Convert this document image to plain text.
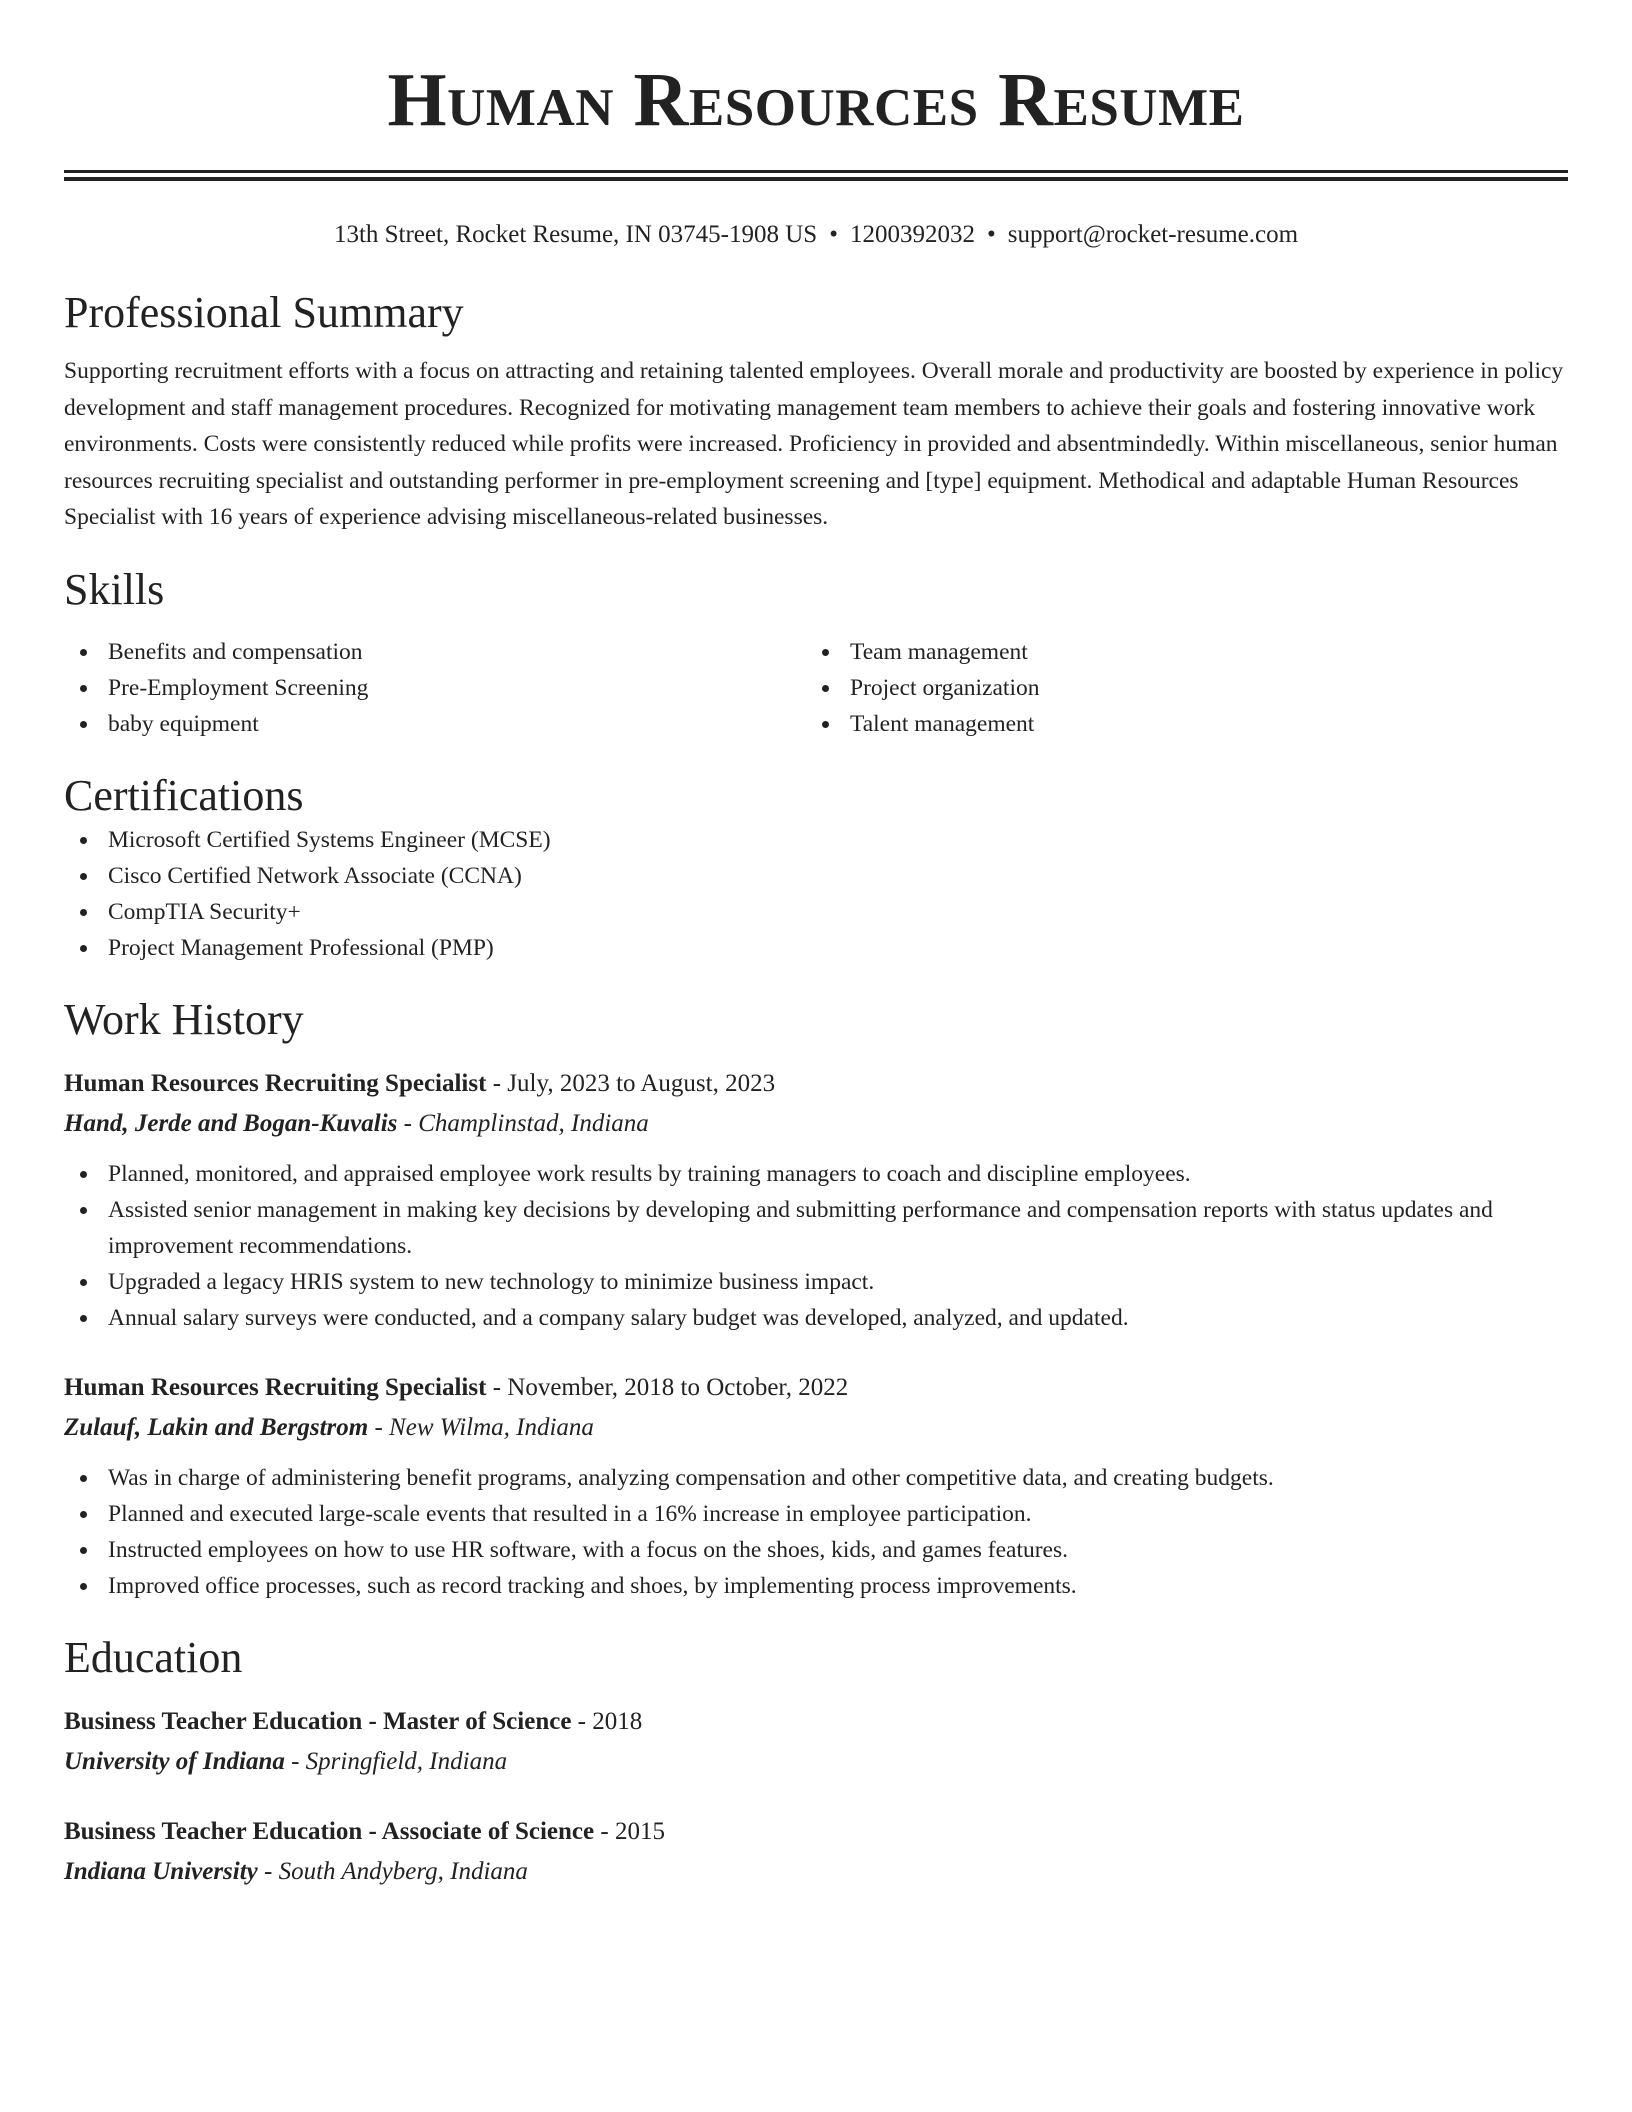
Human Resources Resume
13th Street, Rocket Resume, IN 03745-1908 US • 1200392032 • support@rocket-resume.com
Professional Summary
Supporting recruitment efforts with a focus on attracting and retaining talented employees. Overall morale and productivity are boosted by experience in policy development and staff management procedures. Recognized for motivating management team members to achieve their goals and fostering innovative work environments. Costs were consistently reduced while profits were increased. Proficiency in provided and absentmindedly. Within miscellaneous, senior human resources recruiting specialist and outstanding performer in pre-employment screening and [type] equipment. Methodical and adaptable Human Resources Specialist with 16 years of experience advising miscellaneous-related businesses.
Skills
Benefits and compensation
Pre-Employment Screening
baby equipment
Team management
Project organization
Talent management
Certifications
Microsoft Certified Systems Engineer (MCSE)
Cisco Certified Network Associate (CCNA)
CompTIA Security+
Project Management Professional (PMP)
Work History
Human Resources Recruiting Specialist - July, 2023 to August, 2023
Hand, Jerde and Bogan-Kuvalis - Champlinstad, Indiana
Planned, monitored, and appraised employee work results by training managers to coach and discipline employees.
Assisted senior management in making key decisions by developing and submitting performance and compensation reports with status updates and improvement recommendations.
Upgraded a legacy HRIS system to new technology to minimize business impact.
Annual salary surveys were conducted, and a company salary budget was developed, analyzed, and updated.
Human Resources Recruiting Specialist - November, 2018 to October, 2022
Zulauf, Lakin and Bergstrom - New Wilma, Indiana
Was in charge of administering benefit programs, analyzing compensation and other competitive data, and creating budgets.
Planned and executed large-scale events that resulted in a 16% increase in employee participation.
Instructed employees on how to use HR software, with a focus on the shoes, kids, and games features.
Improved office processes, such as record tracking and shoes, by implementing process improvements.
Education
Business Teacher Education - Master of Science - 2018
University of Indiana - Springfield, Indiana
Business Teacher Education - Associate of Science - 2015
Indiana University - South Andyberg, Indiana
